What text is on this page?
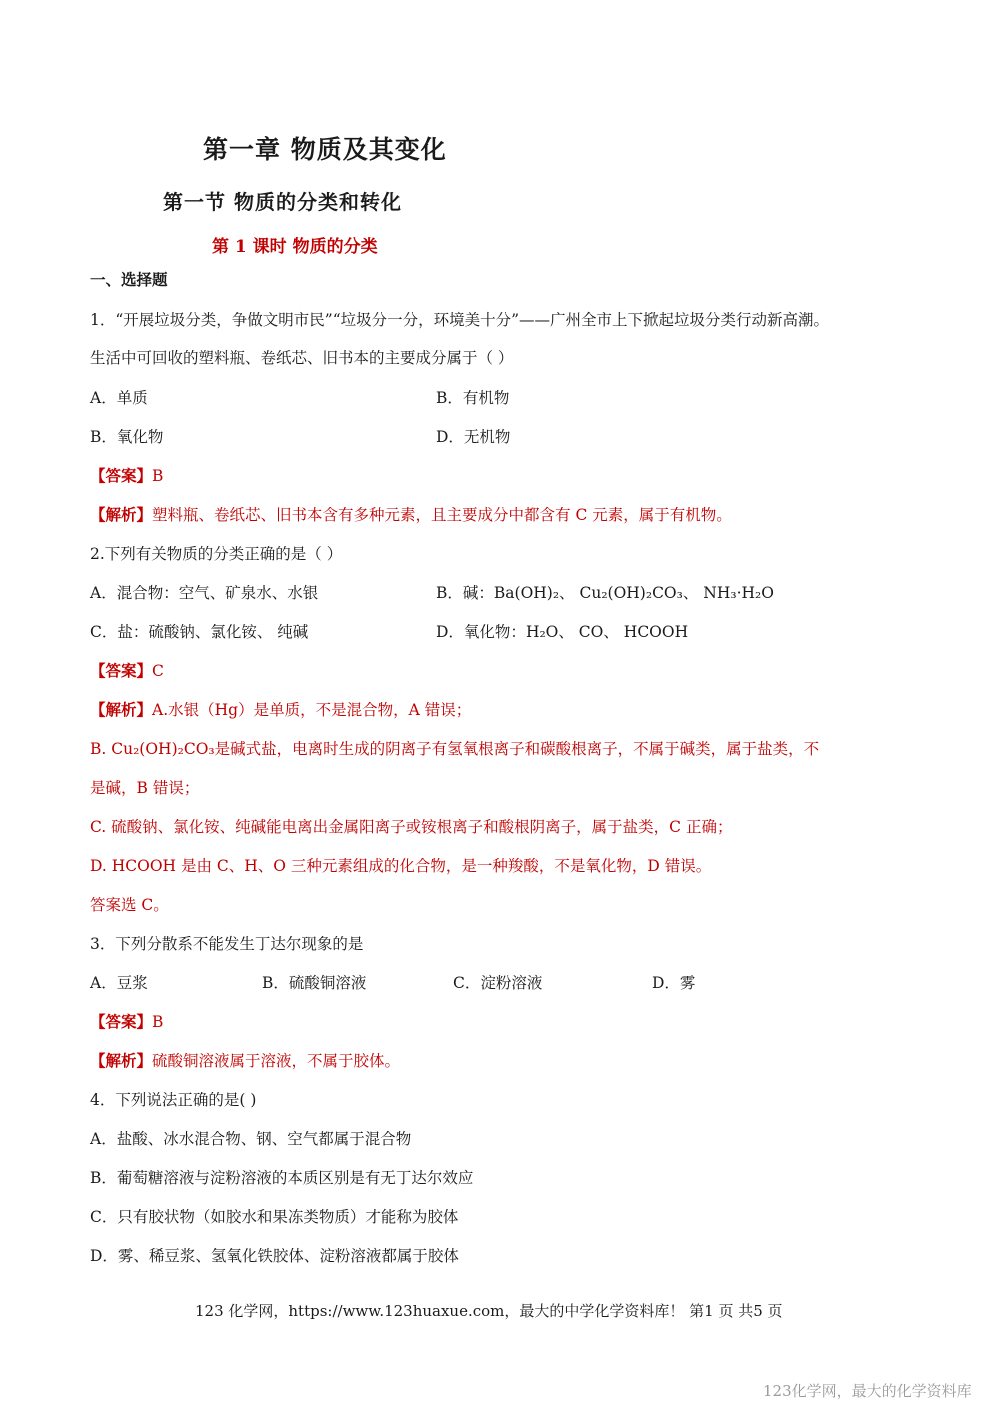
第一章 物质及其变化
第一节 物质的分类和转化
第 1 课时 物质的分类
一、选择题
1．“开展垃圾分类，争做文明市民”“垃圾分一分，环境美十分”——广州全市上下掀起垃圾分类行动新高潮。
生活中可回收的塑料瓶、卷纸芯、旧书本的主要成分属于（ ）
A．单质	B．有机物
B．氧化物	D．无机物
【答案】B
【解析】塑料瓶、卷纸芯、旧书本含有多种元素，且主要成分中都含有 C 元素，属于有机物。
2.下列有关物质的分类正确的是（ ）
A．混合物：空气、矿泉水、水银	B．碱：Ba(OH)₂、 Cu₂(OH)₂CO₃、 NH₃·H₂O
C．盐：硫酸钠、氯化铵、 纯碱	D．氧化物：H₂O、 CO、 HCOOH
【答案】C
【解析】A.水银（Hg）是单质，不是混合物，A 错误；
B. Cu₂(OH)₂CO₃是碱式盐，电离时生成的阴离子有氢氧根离子和碳酸根离子，不属于碱类，属于盐类，不
是碱，B 错误；
C. 硫酸钠、氯化铵、纯碱能电离出金属阳离子或铵根离子和酸根阴离子，属于盐类，C 正确；
D. HCOOH 是由 C、H、O 三种元素组成的化合物，是一种羧酸，不是氧化物，D 错误。
答案选 C。
3．下列分散系不能发生丁达尔现象的是
A．豆浆	B．硫酸铜溶液	C．淀粉溶液	D．雾
【答案】B
【解析】硫酸铜溶液属于溶液，不属于胶体。
4．下列说法正确的是( )
A．盐酸、冰水混合物、钢、空气都属于混合物
B．葡萄糖溶液与淀粉溶液的本质区别是有无丁达尔效应
C．只有胶状物（如胶水和果冻类物质）才能称为胶体
D．雾、稀豆浆、氢氧化铁胶体、淀粉溶液都属于胶体
123 化学网，https://www.123huaxue.com，最大的中学化学资料库！ 第1 页 共5 页
123化学网，最大的化学资料库
